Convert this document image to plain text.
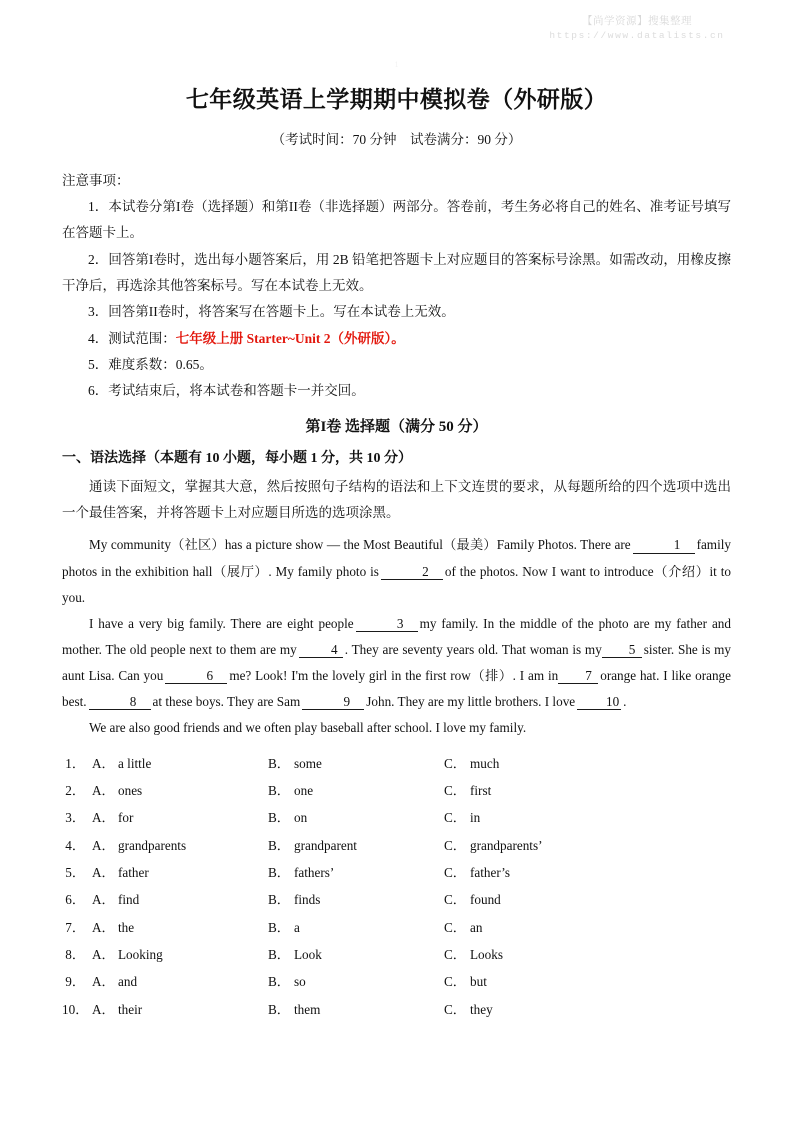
【尚学资源】搜集整理
https://www.datalists.cn
1
七年级英语上学期期中模拟卷（外研版）
（考试时间：70 分钟　试卷满分：90 分）
注意事项：
1．本试卷分第I卷（选择题）和第II卷（非选择题）两部分。答卷前，考生务必将自己的姓名、准考证号填写在答题卡上。
2．回答第I卷时，选出每小题答案后，用 2B 铅笔把答题卡上对应题目的答案标号涂黑。如需改动，用橡皮擦干净后，再选涂其他答案标号。写在本试卷上无效。
3．回答第II卷时，将答案写在答题卡上。写在本试卷上无效。
4．测试范围：七年级上册 Starter~Unit 2（外研版）。
5．难度系数：0.65。
6．考试结束后，将本试卷和答题卡一并交回。
第I卷 选择题（满分 50 分）
一、语法选择（本题有 10 小题，每小题 1 分，共 10 分）
通读下面短文，掌握其大意，然后按照句子结构的语法和上下文连贯的要求，从每题所给的四个选项中选出一个最佳答案，并将答题卡上对应题目所选的选项涂黑。

My community（社区）has a picture show — the Most Beautiful（最美）Family Photos. There are	1 family photos in the exhibition hall（展厅）. My family photo is	2 of the photos. Now I want to introduce（介绍）it to you.

I have a very big family. There are eight people	3 my family. In the middle of the photo are my father and mother. The old people next to them are my	4 . They are seventy years old. That woman is my 5 sister. She is my aunt Lisa. Can you	6 me? Look! I'm the lovely girl in the first row（排）. I am in 7 orange hat. I like orange best.	8 at these boys. They are Sam	9 John. They are my little brothers. I love 10 .

We are also good friends and we often play baseball after school. I love my family.

1． A． a little	B． some	C． much
2． A． ones	B． one	C． first
3． A． for	B． on	C． in
4． A． grandparents	B． grandparent	C． grandparents’
5． A． father	B． fathers’	C． father’s
6． A． find	B． finds	C． found
7． A． the	B． a	C． an
8． A． Looking	B． Look	C． Looks
9． A． and	B． so	C． but
10． A． their	B． them	C． they
